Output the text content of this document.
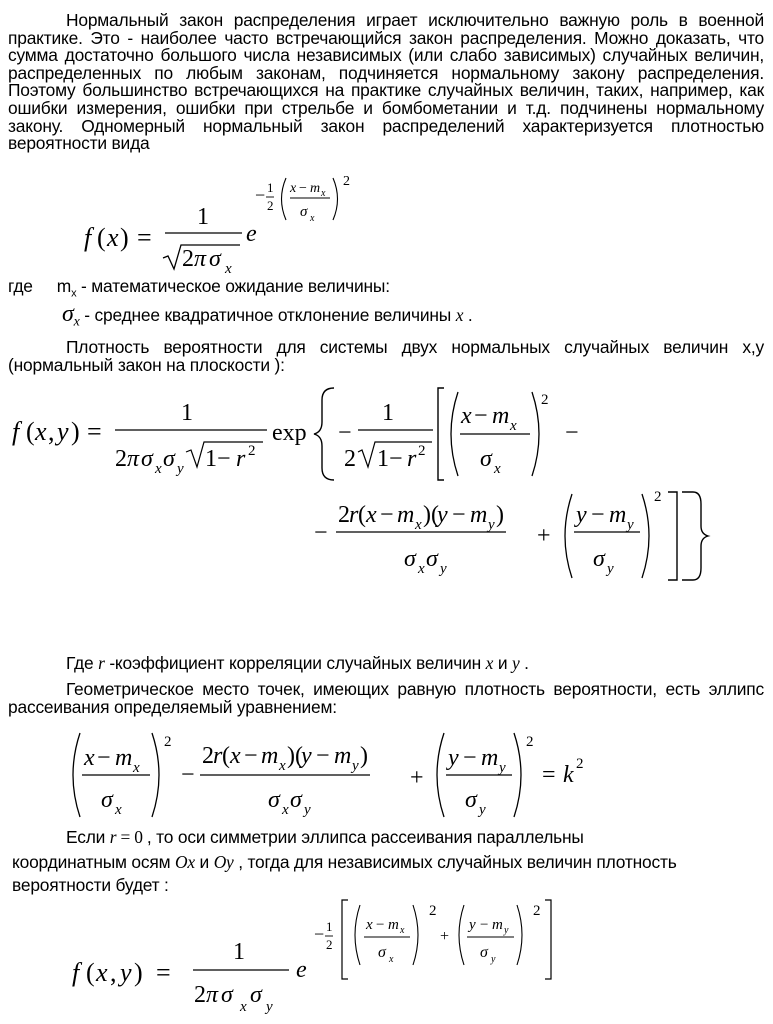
Нормальный закон распределения играет исключительно важную роль в военной практике. Это - наиболее часто встречающийся закон распределения. Можно доказать, что сумма достаточно большого числа независимых (или слабо зависимых) случайных величин, распределенных по любым законам, подчиняется нормальному закону распределения. Поэтому большинство встречающихся на практике случайных величин, таких, например, как ошибки измерения, ошибки при стрельбе и бомбометании и т.д. подчинены нормальному закону. Одномерный нормальный закон распределений характеризуется плотностью вероятности вида
f ( x ) =
1
2 π σ x
e
− 1
2
x − m x
σ x
2
где $m_x$ - математическое ожидание величины:
$\sigma_x$ - среднее квадратичное отклонение величины x .
Плотность вероятности для системы двух нормальных случайных величин x,y (нормальный закон на плоскости ):
f ( x , y ) =
1
2 π σ x σ y 1 − r 2
exp −
1
2 1 − r 2
x − m x
σ x
2
−
−
2 r ( x − m x )(
y − m y )
σ x σ y
+
y − m y
σ y
2
Где r -коэффициент корреляции случайных величин x и y .
Геометрическое место точек, имеющих равную плотность вероятности, есть эллипс рассеивания определяемый уравнением:
x − m x
σ x
2
−
2 r ( x − m x )(
y − m y )
σ x σ y
+
y − m y
σ y
2
= k 2
Если r = 0 , то оси симметрии эллипса рассеивания параллельны
координатным осям Ox и Oy , тогда для независимых случайных величин плотность
вероятности будет :
f ( x , y ) =
1
2 π σ x σ y
e
− 1
2
x − m x
σ x
2
+
y − m y
σ y
2
